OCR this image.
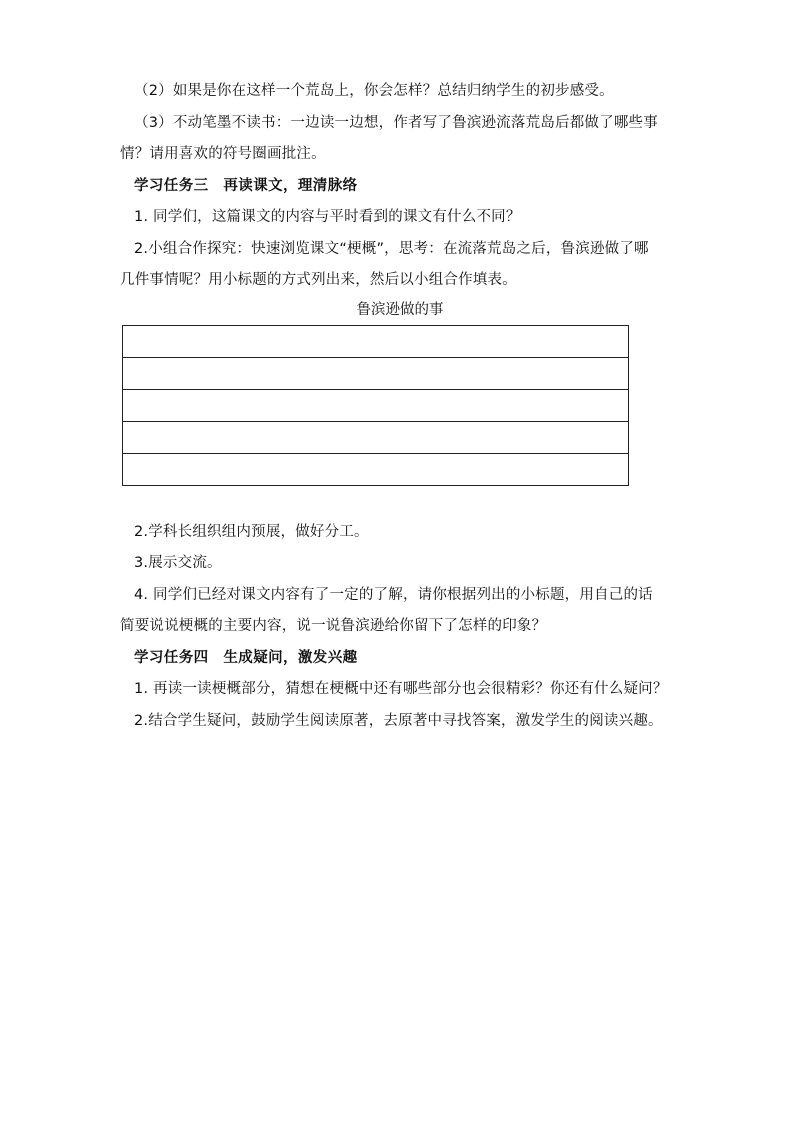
（2）如果是你在这样一个荒岛上，你会怎样？总结归纳学生的初步感受。
（3）不动笔墨不读书：一边读一边想，作者写了鲁滨逊流落荒岛后都做了哪些事
情？请用喜欢的符号圈画批注。
学习任务三　再读课文，理清脉络
1. 同学们，这篇课文的内容与平时看到的课文有什么不同？
2.小组合作探究：快速浏览课文“梗概”，思考：在流落荒岛之后，鲁滨逊做了哪
几件事情呢？用小标题的方式列出来，然后以小组合作填表。
鲁滨逊做的事

2.学科长组织组内预展，做好分工。
3.展示交流。
4. 同学们已经对课文内容有了一定的了解，请你根据列出的小标题，用自己的话
简要说说梗概的主要内容，说一说鲁滨逊给你留下了怎样的印象？
学习任务四　生成疑问，激发兴趣
1. 再读一读梗概部分，猜想在梗概中还有哪些部分也会很精彩？你还有什么疑问？
2.结合学生疑问，鼓励学生阅读原著，去原著中寻找答案，激发学生的阅读兴趣。
